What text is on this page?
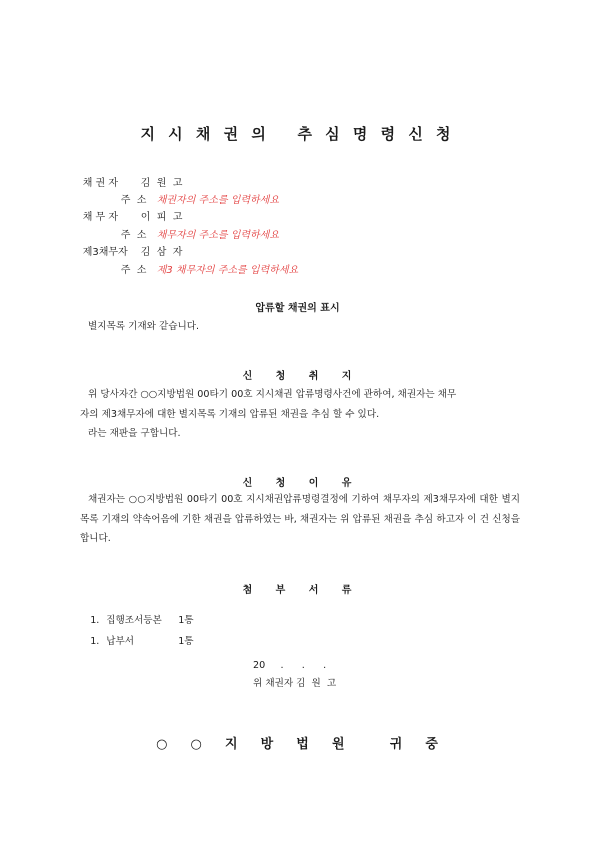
지 시 채 권 의   추 심 명 령 신 청

채 권 자 김  원  고

주  소 채권자의 주소를 입력하세요

채 무 자 이  피  고

주  소 채무자의 주소를 입력하세요

제3채무자 김  삼  자

주  소 제3 채무자의 주소를 입력하세요

압류할 채권의 표시
별지목록 기재와 같습니다.
신     청     취     지
위 당사자간 ○○지방법원 00타기 00호 지시채권 압류명령사건에 관하여, 채권자는 채무
자의 제3채무자에 대한 별지목록 기재의 압류된 채권을 추심 할 수 있다.
라는 재판을 구합니다.
신     청     이     유

채권자는 ○○지방법원 00타기 00호 지시채권압류명령결정에 기하여 채무자의 제3채무자에 대한 별지목록 기재의 약속어음에 기한 채권을 압류하였는 바, 채권자는 위 압류된 채권을 추심 하고자 이 건 신청을 합니다.

첨     부     서     류

1. 집행조서등본 1통

1. 납부서	1통

20     .      .      .
위 채권자 김  원  고
○    ○    지    방    법    원        귀    중
